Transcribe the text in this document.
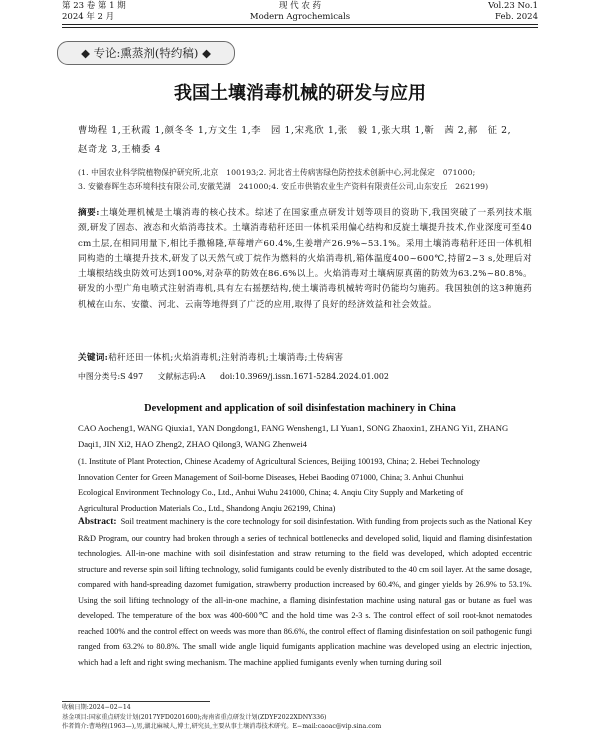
第 23 卷 第 1 期
2024 年 2 月
现 代 农 药
Modern Agrochemicals
Vol.23 No.1
Feb. 2024
◆ 专论:熏蒸剂(特约稿) ◆
我国土壤消毒机械的研发与应用
曹坳程 1,王秋霞 1,颜冬冬 1,方文生 1,李　园 1,宋兆欣 1,张　毅 1,张大琪 1,靳　茜 2,郝　征 2,
赵奇龙 3,王楠委 4
(1. 中国农业科学院植物保护研究所,北京　100193;2. 河北省土传病害绿色防控技术创新中心,河北保定　071000;
3. 安徽春晖生态环境科技有限公司,安徽芜湖　241000;4. 安丘市供销农业生产资料有限责任公司,山东安丘　262199)
摘要:土壤处理机械是土壤消毒的核心技术。综述了在国家重点研发计划等项目的资助下,我国突破了一系列技术瓶颈,研发了固态、液态和火焰消毒技术。土壤消毒秸秆还田一体机采用偏心结构和反旋土壤提升技术,作业深度可至40 cm土层,在相同用量下,相比手撒棉隆,草莓增产60.4%,生姜增产26.9%~53.1%。采用土壤消毒秸秆还田一体机相同构造的土壤提升技术,研发了以天然气或丁烷作为燃料的火焰消毒机,箱体温度400~600℃,持留2~3 s,处理后对土壤根结线虫防效可达到100%,对杂草的防效在86.6%以上。火焰消毒对土壤病原真菌的防效为63.2%~80.8%。研发的小型广角电喷式注射消毒机,具有左右摇摆结构,使土壤消毒机械转弯时仍能均匀施药。我国独创的这3种施药机械在山东、安徽、河北、云南等地得到了广泛的应用,取得了良好的经济效益和社会效益。
关键词:秸秆还田一体机;火焰消毒机;注射消毒机;土壤消毒;土传病害
中图分类号:S 497 文献标志码:A doi:10.3969/j.issn.1671-5284.2024.01.002
Development and application of soil disinfestation machinery in China
CAO Aocheng1, WANG Qiuxia1, YAN Dongdong1, FANG Wensheng1, LI Yuan1, SONG Zhaoxin1, ZHANG Yi1, ZHANG
Daqi1, JIN Xi2, HAO Zheng2, ZHAO Qilong3, WANG Zhenwei4
(1. Institute of Plant Protection, Chinese Academy of Agricultural Sciences, Beijing 100193, China; 2. Hebei Technology
Innovation Center for Green Management of Soil-borne Diseases, Hebei Baoding 071000, China; 3. Anhui Chunhui
Ecological Environment Technology Co., Ltd., Anhui Wuhu 241000, China; 4. Anqiu City Supply and Marketing of
Agricultural Production Materials Co., Ltd., Shandong Anqiu 262199, China)
Abstract: Soil treatment machinery is the core technology for soil disinfestation. With funding from projects such as the National Key R&D Program, our country had broken through a series of technical bottlenecks and developed solid, liquid and flaming disinfestation technologies. All-in-one machine with soil disinfestation and straw returning to the field was developed, which adopted eccentric structure and reverse spin soil lifting technology, solid fumigants could be evenly distributed to the 40 cm soil layer. At the same dosage, compared with hand-spreading dazomet fumigation, strawberry production increased by 60.4%, and ginger yields by 26.9% to 53.1%. Using the soil lifting technology of the all-in-one machine, a flaming disinfestation machine using natural gas or butane as fuel was developed. The temperature of the box was 400-600℃ and the hold time was 2-3 s. The control effect of soil root-knot nematodes reached 100% and the control effect on weeds was more than 86.6%, the control effect of flaming disinfestation on soil pathogenic fungi ranged from 63.2% to 80.8%. The small wide angle liquid fumigants application machine was developed using an electric injection, which had a left and right swing mechanism. The machine applied fumigants evenly when turning during soil
收稿日期:2024−02−14
基金项目:国家重点研发计划(2017YFD0201600);海南省重点研发计划(ZDYF2022XDNY336)
作者简介:曹坳程(1963—),男,湖北麻城人,博士,研究员,主要从事土壤消毒技术研究。E−mail:caoac@vip.sina.com
